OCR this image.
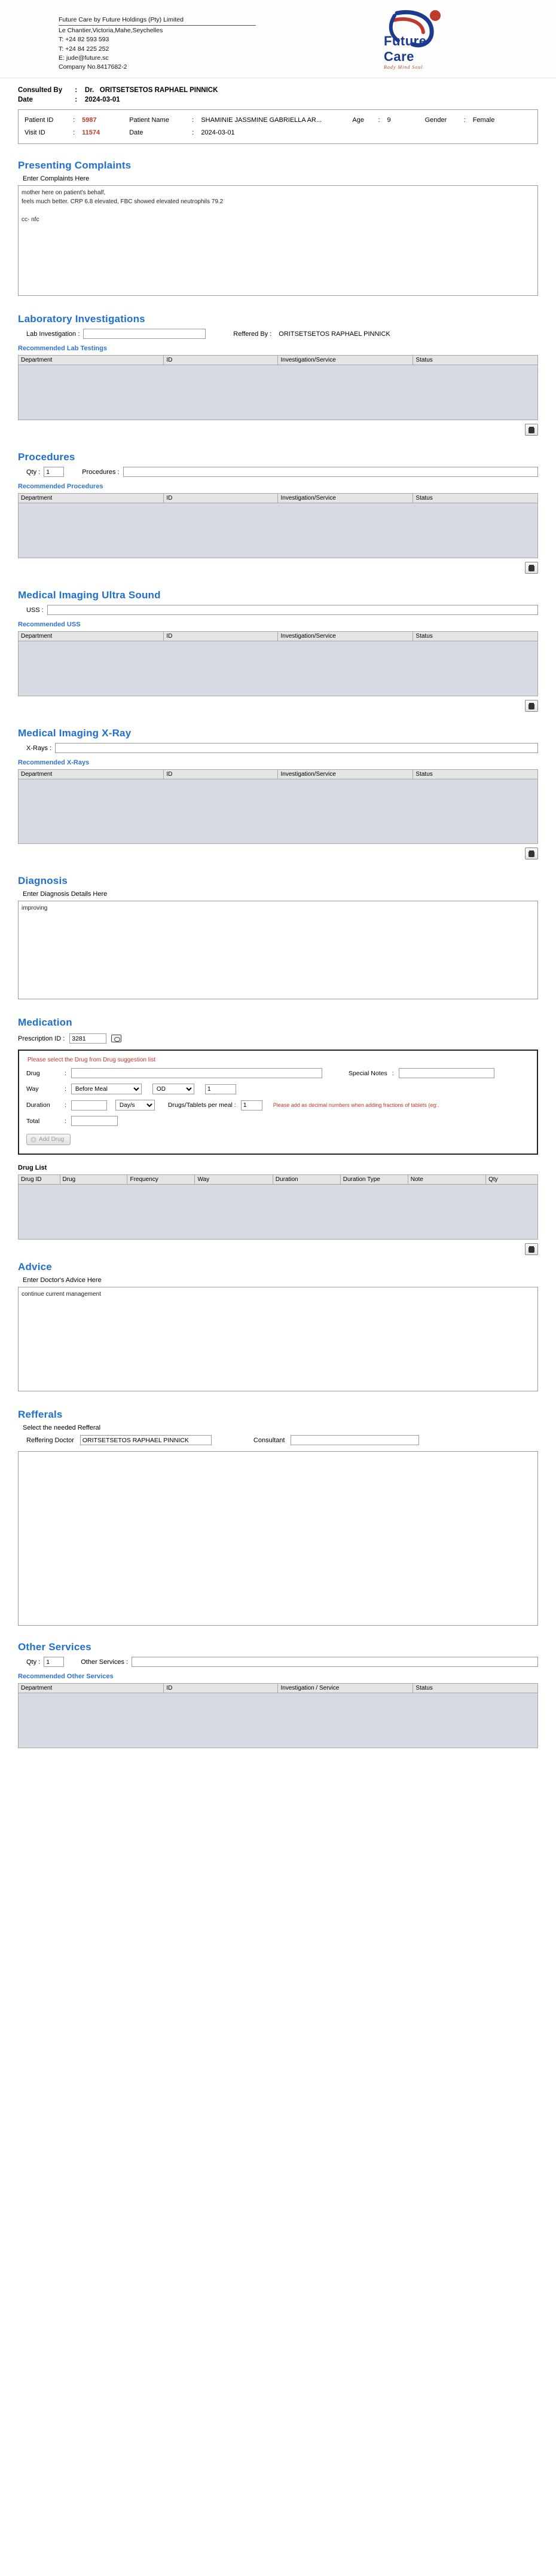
Future Care by Future Holdings (Pty) Limited
Le Chantier,Victoria,Mahe,Seychelles
T: +24 82 593 593
T: +24 84 225 252
E: jude@future.sc
Company No.8417682-2
Future
Care
Body Mind Soul
Consulted By : Dr. ORITSETSETOS RAPHAEL PINNICK
Date	: 2024-03-01
Patient ID	: 5987	Patient Name	: SHAMINIE JASSMINE GABRIELLA AR...	Age : 9	Gender	: Female
Visit ID	: 11574	Date	: 2024-03-01
Presenting Complaints
Enter Complaints Here
mother here on patient's behalf, feels much better. CRP 6.8 elevated, FBC showed elevated neutrophils 79.2 cc- nfc
Laboratory Investigations
Lab Investigation :	Reffered By : ORITSETSETOS RAPHAEL PINNICK
Recommended Lab Testings
Department	ID	Investigation/Service	Status
Procedures
Qty :
1	Procedures :
Recommended Procedures
Department	ID	Investigation/Service	Status
Medical Imaging Ultra Sound
USS :
Recommended USS
Department	ID	Investigation/Service	Status
Medical Imaging X-Ray
X-Rays :
Recommended X-Rays
Department	ID	Investigation/Service	Status
Diagnosis
Enter Diagnosis Details Here
improving
Medication
Prescription ID :
3281
Please select the Drug from Drug suggestion list
Drug	:	Special Notes :
Way	:
Before Meal
OD
1
Duration	:
Day/s	Drugs/Tablets per meal :
1	Please add as decimal numbers when adding fractions of tablets (eg:.
Total	:
+ Add Drug
Drug List
Drug ID	Drug	Frequency	Way	Duration	Duration Type	Note	Qty
Advice
Enter Doctor's Advice Here
continue current management
Refferals
Select the needed Refferal
Reffering Doctor
ORITSETSETOS RAPHAEL PINNICK	Consultant
Other Services
Qty :
1	Other Services :
Recommended Other Services
Department	ID	Investigation / Service	Status
